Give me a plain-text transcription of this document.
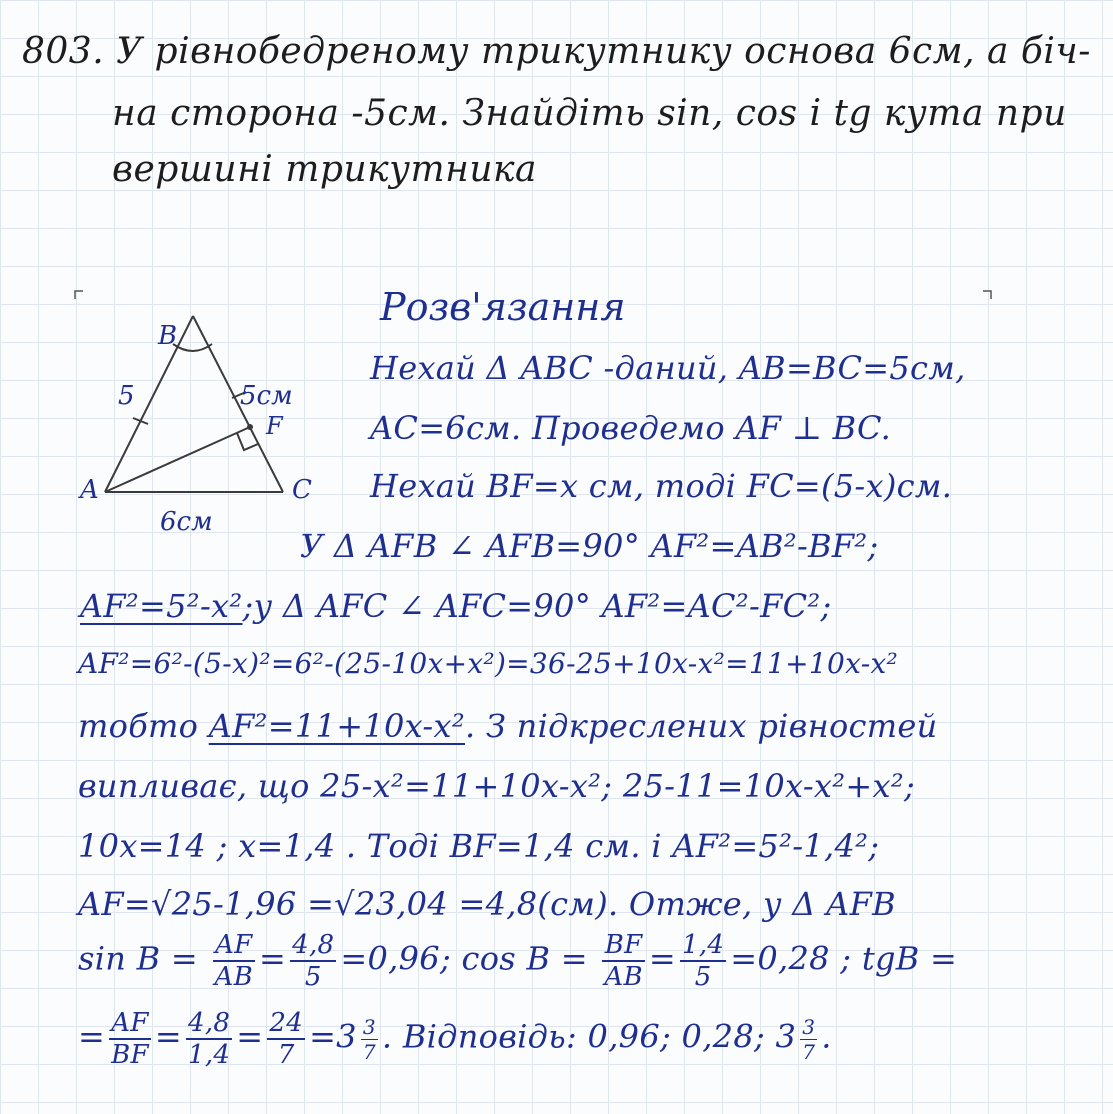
803. У рівнобедреному трикутнику основа 6см, а біч-
на сторона -5см. Знайдіть sin, cos і tg кута при
вершині трикутника
B
A	C
F
5	5см
6см
Розв'язання
Нехай Δ ABC -даний, AB=BC=5см,
AC=6см. Проведемо AF ⊥ BC.
Нехай BF=x см, тоді FC=(5-x)см.
У Δ AFB ∠ AFB=90° AF²=AB²-BF²;
AF²=5²-x²;у Δ AFC ∠ AFC=90° AF²=AC²-FC²;
AF²=6²-(5-x)²=6²-(25-10x+x²)=36-25+10x-x²=11+10x-x²
тобто AF²=11+10x-x². З підкреслених рівностей
випливає, що 25-x²=11+10x-x²; 25-11=10x-x²+x²;
10x=14 ; x=1,4 . Тоді BF=1,4 см. і AF²=5²-1,4²;
AF=√25-1,96 =√23,04 =4,8(см). Отже, у Δ AFB
$\sin B = \frac{AF}{AB} = \frac{4,8}{5} =0,96$; $\cos B = \frac{BF}{AB} = \frac{1,4}{5} =0,28$ ; tgB =
= $\frac{AF}{BF} = \frac{4,8}{1,4} = \frac{24}{7} =3 \frac{3}{7}$ . Відповідь: 0,96; 0,28; $3 \frac{3}{7}$ .
